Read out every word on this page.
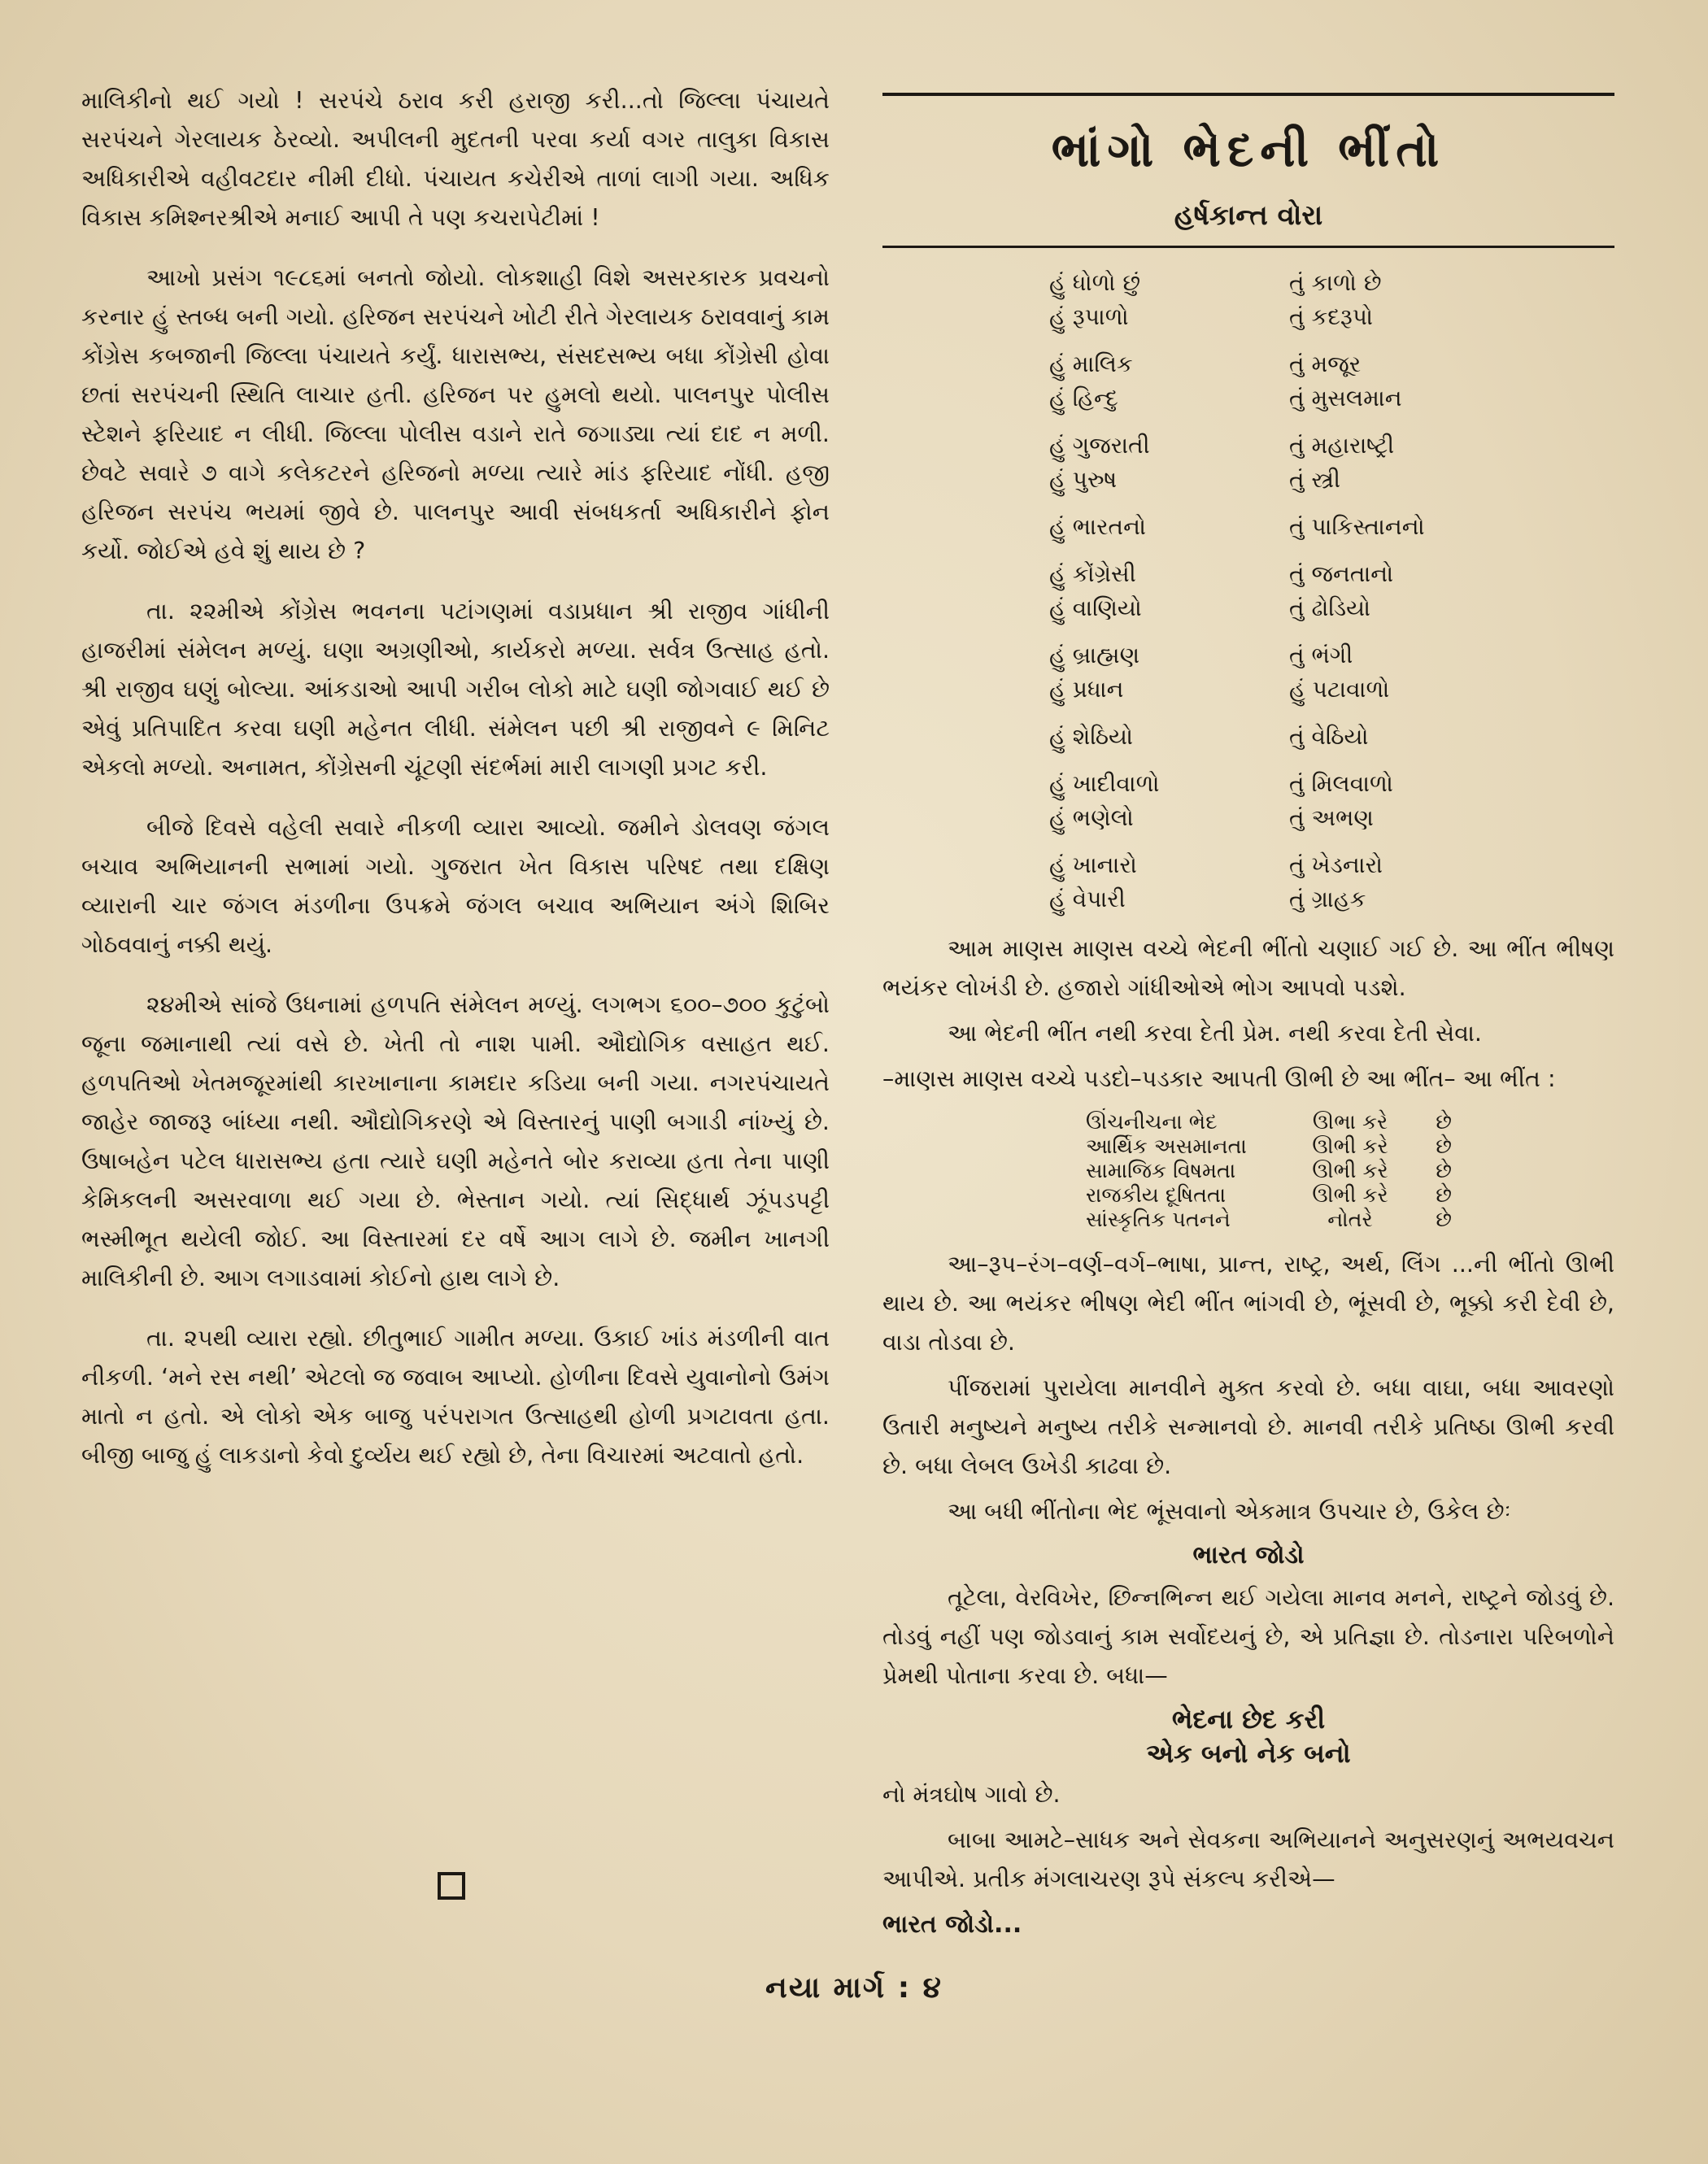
માલિકીનો થઈ ગયો ! સરપંચે ઠરાવ કરી હરાજી કરી...તો જિલ્લા પંચાયતે સરપંચને ગેરલાયક ઠેરવ્યો. અપીલની મુદતની પરવા કર્યા વગર તાલુકા વિકાસ અધિકારીએ વહીવટદાર નીમી દીધો. પંચાયત કચેરીએ તાળાં લાગી ગયા. અધિક વિકાસ કમિશ્નરશ્રીએ મનાઈ આપી તે પણ કચરાપેટીમાં !

આખો પ્રસંગ ૧૯૮૬માં બનતો જોયો. લોકશાહી વિશે અસરકારક પ્રવચનો કરનાર હું સ્તબ્ધ બની ગયો. હરિજન સરપંચને ખોટી રીતે ગેરલાયક ઠરાવવાનું કામ કોંગ્રેસ કબજાની જિલ્લા પંચાયતે કર્યું. ધારાસભ્ય, સંસદસભ્ય બધા કોંગ્રેસી હોવા છતાં સરપંચની સ્થિતિ લાચાર હતી. હરિજન પર હુમલો થયો. પાલનપુર પોલીસ સ્ટેશને ફરિયાદ ન લીધી. જિલ્લા પોલીસ વડાને રાતે જગાડ્યા ત્યાં દાદ ન મળી. છેવટે સવારે ૭ વાગે કલેકટરને હરિજનો મળ્યા ત્યારે માંડ ફરિયાદ નોંધી. હજી હરિજન સરપંચ ભયમાં જીવે છે. પાલનપુર આવી સંબધકર્તા અધિકારીને ફોન કર્યો. જોઈએ હવે શું થાય છે ?

તા. ૨૨મીએ કોંગ્રેસ ભવનના પટાંગણમાં વડાપ્રધાન શ્રી રાજીવ ગાંધીની હાજરીમાં સંમેલન મળ્યું. ઘણા અગ્રણીઓ, કાર્યકરો મળ્યા. સર્વત્ર ઉત્સાહ હતો. શ્રી રાજીવ ઘણું બોલ્યા. આંકડાઓ આપી ગરીબ લોકો માટે ઘણી જોગવાઈ થઈ છે એવું પ્રતિપાદિત કરવા ઘણી મહેનત લીધી. સંમેલન પછી શ્રી રાજીવને ૯ મિનિટ એકલો મળ્યો. અનામત, કોંગ્રેસની ચૂંટણી સંદર્ભમાં મારી લાગણી પ્રગટ કરી.

બીજે દિવસે વહેલી સવારે નીકળી વ્યારા આવ્યો. જમીને ડોલવણ જંગલ બચાવ અભિયાનની સભામાં ગયો. ગુજરાત ખેત વિકાસ પરિષદ તથા દક્ષિણ વ્યારાની ચાર જંગલ મંડળીના ઉપક્રમે જંગલ બચાવ અભિયાન અંગે શિબિર ગોઠવવાનું નક્કી થયું.

૨૪મીએ સાંજે ઉધનામાં હળપતિ સંમેલન મળ્યું. લગભગ ૬૦૦–૭૦૦ કુટુંબો જૂના જમાનાથી ત્યાં વસે છે. ખેતી તો નાશ પામી. ઔદ્યોગિક વસાહત થઈ. હળપતિઓ ખેતમજૂરમાંથી કારખાનાના કામદાર કડિયા બની ગયા. નગરપંચાયતે જાહેર જાજરૂ બાંધ્યા નથી. ઔદ્યોગિકરણે એ વિસ્તારનું પાણી બગાડી નાંખ્યું છે. ઉષાબહેન પટેલ ધારાસભ્ય હતા ત્યારે ઘણી મહેનતે બોર કરાવ્યા હતા તેના પાણી કેમિકલની અસરવાળા થઈ ગયા છે. ભેસ્તાન ગયો. ત્યાં સિદ્ધાર્થ ઝૂંપડપટ્ટી ભસ્મીભૂત થયેલી જોઈ. આ વિસ્તારમાં દર વર્ષે આગ લાગે છે. જમીન ખાનગી માલિકીની છે. આગ લગાડવામાં કોઈનો હાથ લાગે છે.

તા. ૨૫થી વ્યારા રહ્યો. છીતુભાઈ ગામીત મળ્યા. ઉકાઈ ખાંડ મંડળીની વાત નીકળી. ‘મને રસ નથી’ એટલો જ જવાબ આપ્યો. હોળીના દિવસે યુવાનોનો ઉમંગ માતો ન હતો. એ લોકો એક બાજુ પરંપરાગત ઉત્સાહથી હોળી પ્રગટાવતા હતા. બીજી બાજુ હું લાકડાનો કેવો દુર્વ્યય થઈ રહ્યો છે, તેના વિચારમાં અટવાતો હતો.

ભાંગો ભેદની ભીંતો
હર્ષકાન્ત વોરા
હું ધોળો છું	તું કાળો છે
હું રૂપાળો	તું કદરૂપો
હું માલિક	તું મજૂર
હું હિન્દુ	તું મુસલમાન
હું ગુજરાતી	તું મહારાષ્ટ્રી
હું પુરુષ	તું સ્ત્રી
હું ભારતનો	તું પાકિસ્તાનનો
હું કોંગ્રેસી	તું જનતાનો
હું વાણિયો	તું ઢોડિયો
હું બ્રાહ્મણ	તું ભંગી
હું પ્રધાન	હું પટાવાળો
હું શેઠિયો	તું વેઠિયો
હું ખાદીવાળો	તું મિલવાળો
હું ભણેલો	તું અભણ
હું ખાનારો	તું ખેડનારો
હું વેપારી	તું ગ્રાહક

આમ માણસ માણસ વચ્ચે ભેદની ભીંતો ચણાઈ ગઈ છે. આ ભીંત ભીષણ ભયંકર લોખંડી છે. હજારો ગાંધીઓએ ભોગ આપવો પડશે.

આ ભેદની ભીંત નથી કરવા દેતી પ્રેમ. નથી કરવા દેતી સેવા.

–માણસ માણસ વચ્ચે પડદો–પડકાર આપતી ઊભી છે આ ભીંત– આ ભીંત :

ઊંચનીચના ભેદ	ઊભા કરે	છે
આર્થિક અસમાનતા	ઊભી કરે	છે
સામાજિક વિષમતા	ઊભી કરે	છે
રાજકીય દૂષિતતા	ઊભી કરે	છે
સાંસ્કૃતિક પતનને	નોતરે	છે

આ–રૂપ–રંગ–વર્ણ–વર્ગ–ભાષા, પ્રાન્ત, રાષ્ટ્ર, અર્થ, લિંગ ...ની ભીંતો ઊભી થાય છે. આ ભયંકર ભીષણ ભેદી ભીંત ભાંગવી છે, ભૂંસવી છે, ભૂક્કો કરી દેવી છે, વાડા તોડવા છે.

પીંજરામાં પુરાયેલા માનવીને મુક્ત કરવો છે. બધા વાઘા, બધા આવરણો ઉતારી મનુષ્યને મનુષ્ય તરીકે સન્માનવો છે. માનવી તરીકે પ્રતિષ્ઠા ઊભી કરવી છે. બધા લેબલ ઉખેડી કાઢવા છે.

આ બધી ભીંતોના ભેદ ભૂંસવાનો એકમાત્ર ઉપચાર છે, ઉકેલ છેઃ

ભારત જોડો

તૂટેલા, વેરવિખેર, છિન્નભિન્ન થઈ ગયેલા માનવ મનને, રાષ્ટ્રને જોડવું છે. તોડવું નહીં પણ જોડવાનું કામ સર્વોદયનું છે, એ પ્રતિજ્ઞા છે. તોડનારા પરિબળોને પ્રેમથી પોતાના કરવા છે. બધા—

ભેદના છેદ કરી
એક બનો નેક બનો

નો મંત્રઘોષ ગાવો છે.

બાબા આમટે–સાધક અને સેવકના અભિયાનને અનુસરણનું અભયવચન આપીએ. પ્રતીક મંગલાચરણ રૂપે સંકલ્પ કરીએ—

ભારત જોડો...
નયા માર્ગ : ૪
